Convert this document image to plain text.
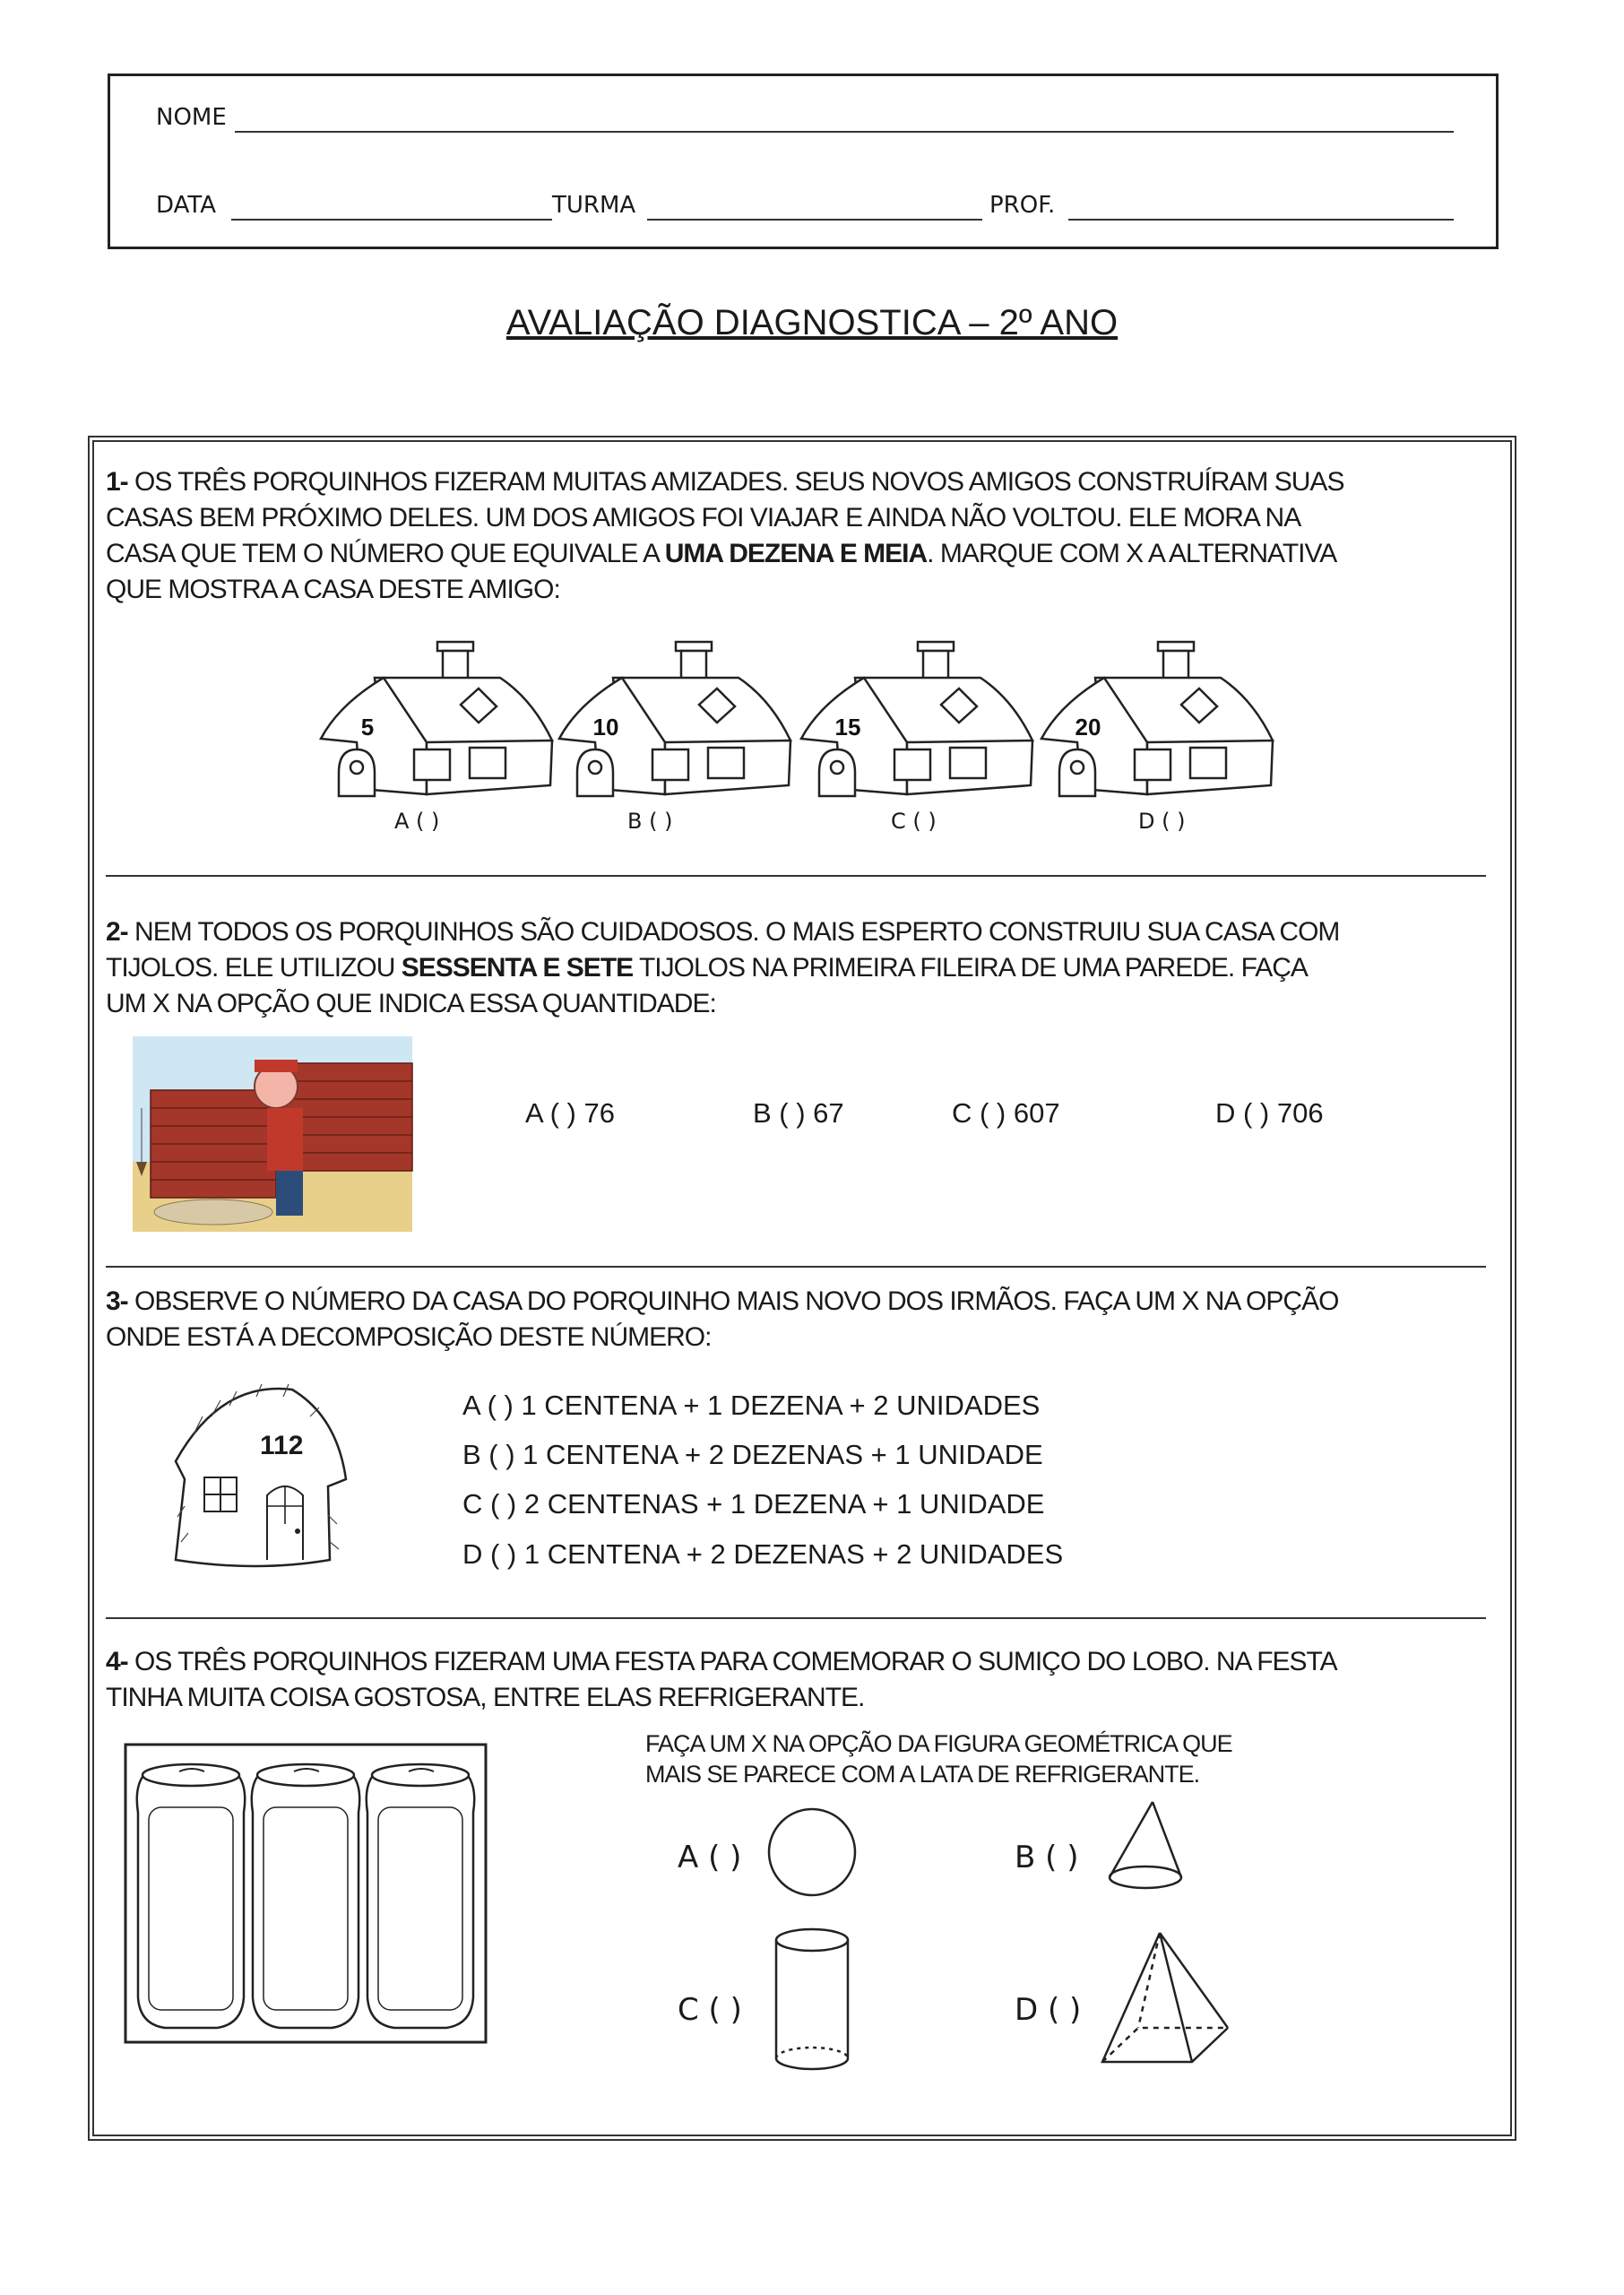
NOME
DATA	TURMA	PROF.
AVALIAÇÃO DIAGNOSTICA – 2º ANO
1- OS TRÊS PORQUINHOS FIZERAM MUITAS AMIZADES. SEUS NOVOS AMIGOS CONSTRUÍRAM SUAS
CASAS BEM PRÓXIMO DELES. UM DOS AMIGOS FOI VIAJAR E AINDA NÃO VOLTOU. ELE MORA NA
CASA QUE TEM O NÚMERO QUE EQUIVALE A UMA DEZENA E MEIA. MARQUE COM X A ALTERNATIVA
QUE MOSTRA A CASA DESTE AMIGO:
5	10	15	20
A ( )	B ( )	C ( )	D ( )
2- NEM TODOS OS PORQUINHOS SÃO CUIDADOSOS. O MAIS ESPERTO CONSTRUIU SUA CASA COM
TIJOLOS. ELE UTILIZOU SESSENTA E SETE TIJOLOS NA PRIMEIRA FILEIRA DE UMA PAREDE. FAÇA
UM X NA OPÇÃO QUE INDICA ESSA QUANTIDADE:
A ( ) 76	B ( ) 67	C ( ) 607	D ( ) 706
3- OBSERVE O NÚMERO DA CASA DO PORQUINHO MAIS NOVO DOS IRMÃOS. FAÇA UM X NA OPÇÃO
ONDE ESTÁ A DECOMPOSIÇÃO DESTE NÚMERO:
112
A ( ) 1 CENTENA + 1 DEZENA + 2 UNIDADES
B ( ) 1 CENTENA + 2 DEZENAS + 1 UNIDADE
C ( ) 2 CENTENAS + 1 DEZENA + 1 UNIDADE
D ( ) 1 CENTENA + 2 DEZENAS + 2 UNIDADES
4- OS TRÊS PORQUINHOS FIZERAM UMA FESTA PARA COMEMORAR O SUMIÇO DO LOBO. NA FESTA
TINHA MUITA COISA GOSTOSA, ENTRE ELAS REFRIGERANTE.
FAÇA UM X NA OPÇÃO DA FIGURA GEOMÉTRICA QUE
MAIS SE PARECE COM A LATA DE REFRIGERANTE.
A ( )	B ( )
C ( )	D ( )
